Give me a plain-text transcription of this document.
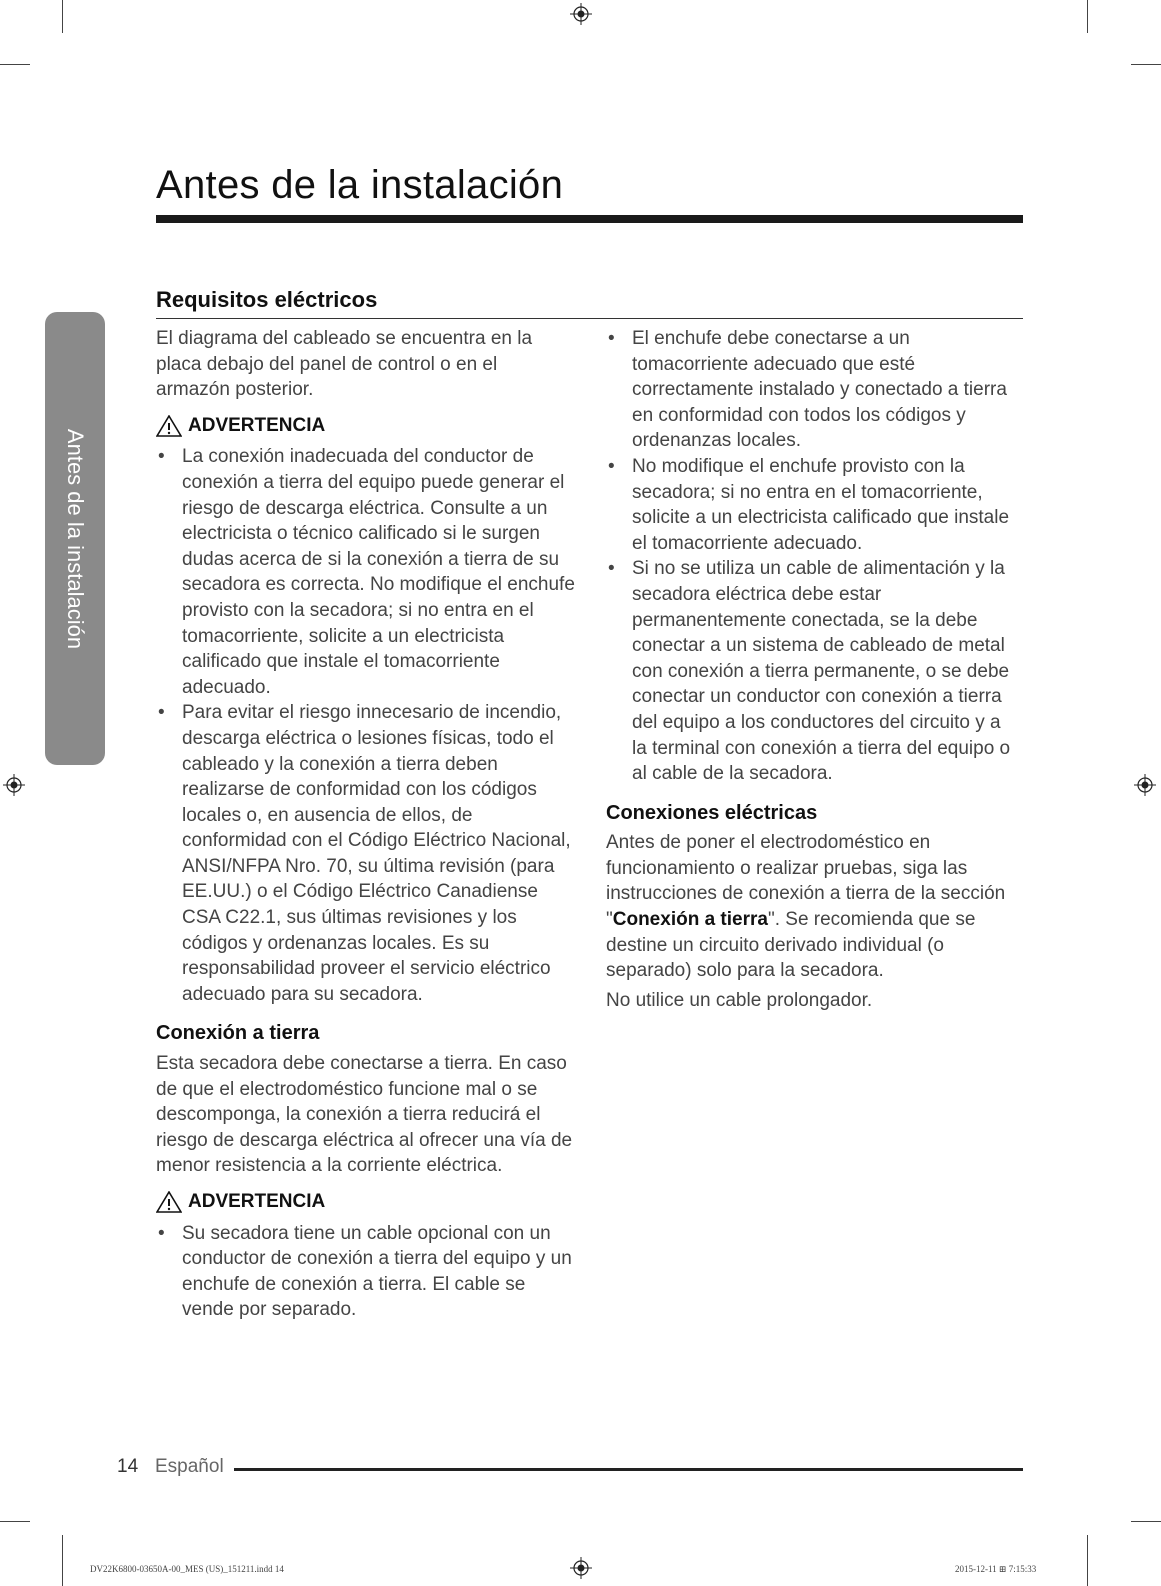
Antes de la instalación
Antes de la instalación
Requisitos eléctricos

El diagrama del cableado se encuentra en la placa debajo del panel de control o en el armazón posterior.

ADVERTENCIA
• La conexión inadecuada del conductor de conexión a tierra del equipo puede generar el riesgo de descarga eléctrica. Consulte a un electricista o técnico calificado si le surgen dudas acerca de si la conexión a tierra de su secadora es correcta. No modifique el enchufe provisto con la secadora; si no entra en el tomacorriente, solicite a un electricista calificado que instale el tomacorriente adecuado.
• Para evitar el riesgo innecesario de incendio, descarga eléctrica o lesiones físicas, todo el cableado y la conexión a tierra deben realizarse de conformidad con los códigos locales o, en ausencia de ellos, de conformidad con el Código Eléctrico Nacional, ANSI/NFPA Nro. 70, su última revisión (para EE.UU.) o el Código Eléctrico Canadiense CSA C22.1, sus últimas revisiones y los códigos y ordenanzas locales. Es su responsabilidad proveer el servicio eléctrico adecuado para su secadora.
Conexión a tierra

Esta secadora debe conectarse a tierra. En caso de que el electrodoméstico funcione mal o se descomponga, la conexión a tierra reducirá el riesgo de descarga eléctrica al ofrecer una vía de menor resistencia a la corriente eléctrica.

ADVERTENCIA
• Su secadora tiene un cable opcional con un conductor de conexión a tierra del equipo y un enchufe de conexión a tierra. El cable se vende por separado.
• El enchufe debe conectarse a un tomacorriente adecuado que esté correctamente instalado y conectado a tierra en conformidad con todos los códigos y ordenanzas locales.
• No modifique el enchufe provisto con la secadora; si no entra en el tomacorriente, solicite a un electricista calificado que instale el tomacorriente adecuado.
• Si no se utiliza un cable de alimentación y la secadora eléctrica debe estar permanentemente conectada, se la debe conectar a un sistema de cableado de metal con conexión a tierra permanente, o se debe conectar un conductor con conexión a tierra del equipo a los conductores del circuito y a la terminal con conexión a tierra del equipo o al cable de la secadora.
Conexiones eléctricas

Antes de poner el electrodoméstico en funcionamiento o realizar pruebas, siga las instrucciones de conexión a tierra de la sección "Conexión a tierra". Se recomienda que se destine un circuito derivado individual (o separado) solo para la secadora.

No utilice un cable prolongador.

14 Español
DV22K6800-03650A-00_MES (US)_151211.indd 14	2015-12-11 ⊞ 7:15:33
